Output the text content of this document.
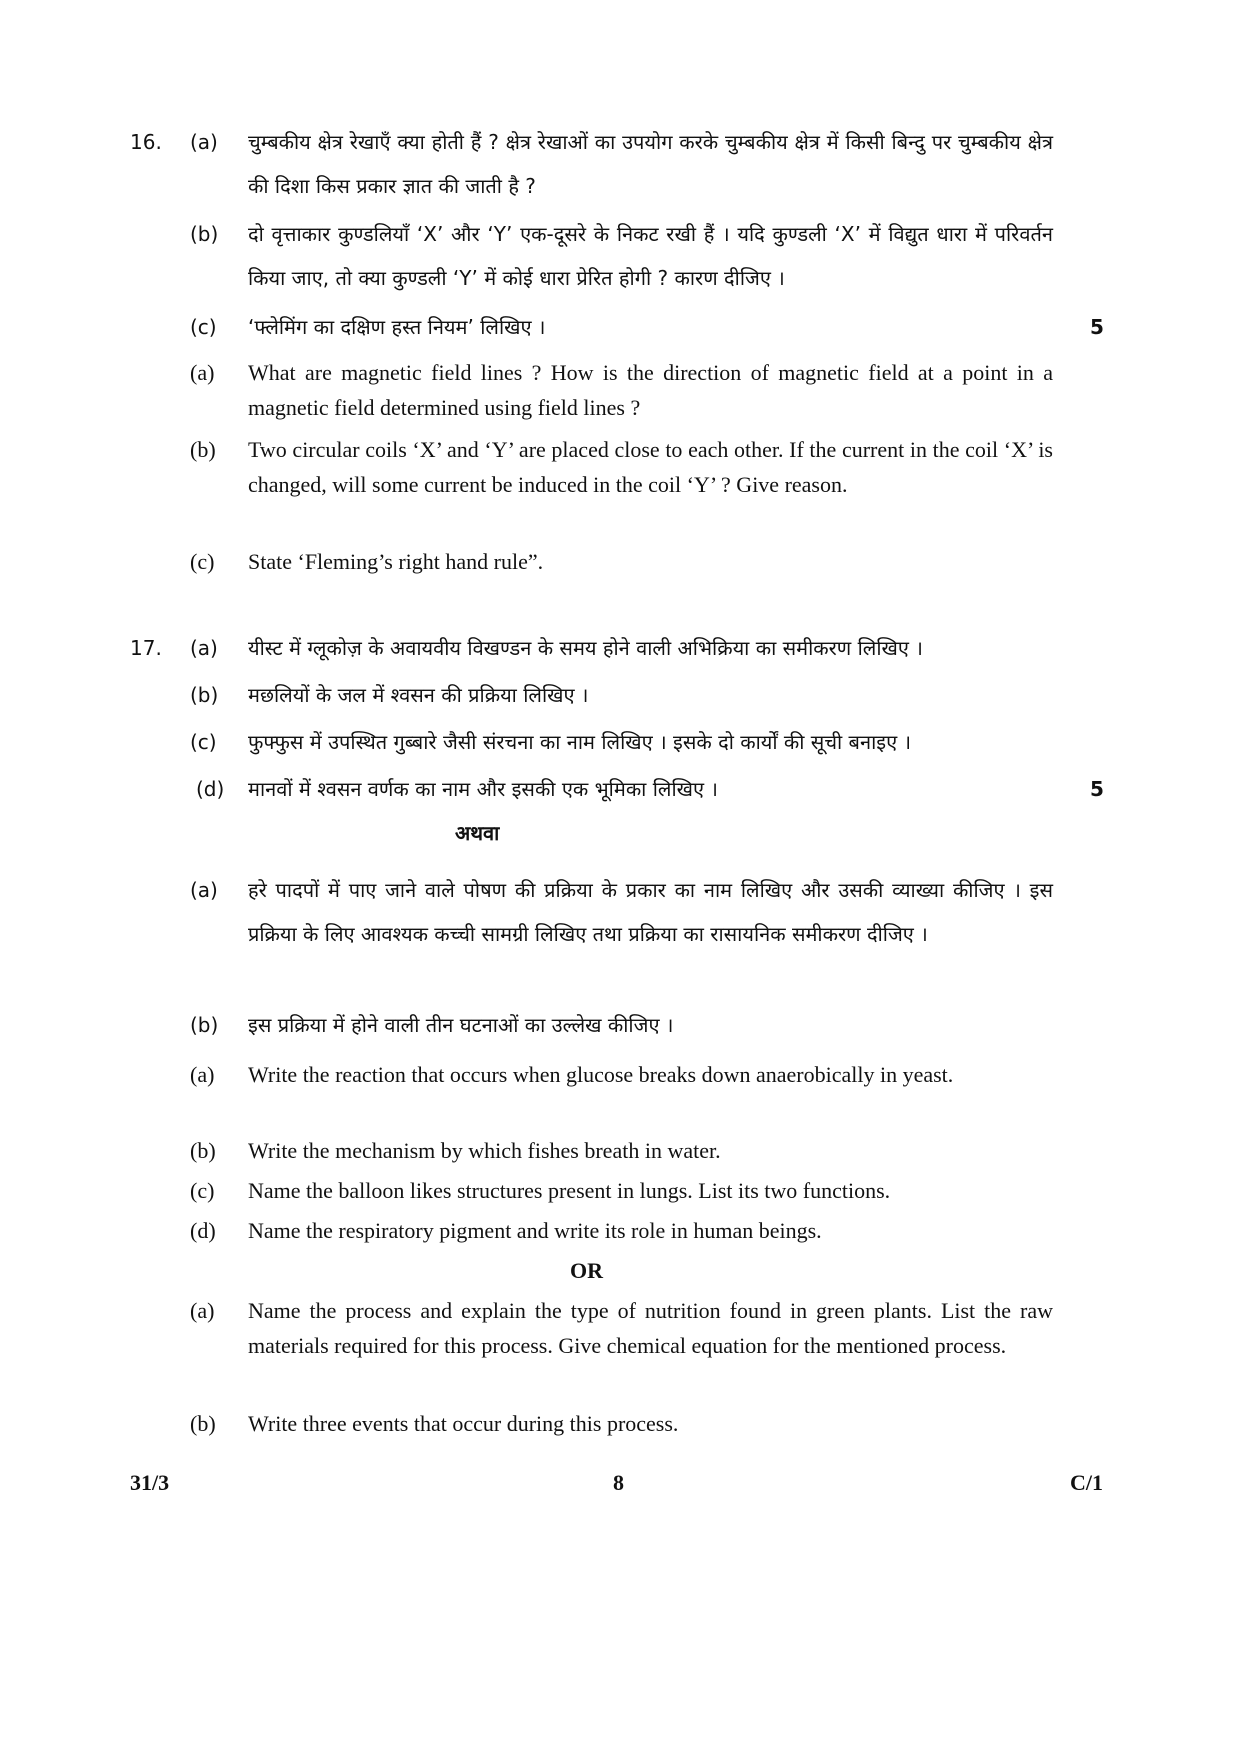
16. (a) चुम्बकीय क्षेत्र रेखाएँ क्या होती हैं ? क्षेत्र रेखाओं का उपयोग करके चुम्बकीय क्षेत्र में किसी बिन्दु पर चुम्बकीय क्षेत्र की दिशा किस प्रकार ज्ञात की जाती है ?
(b) दो वृत्ताकार कुण्डलियाँ ‘X’ और ‘Y’ एक-दूसरे के निकट रखी हैं । यदि कुण्डली ‘X’ में विद्युत धारा में परिवर्तन किया जाए, तो क्या कुण्डली ‘Y’ में कोई धारा प्रेरित होगी ? कारण दीजिए ।
(c) ‘फ्लेमिंग का दक्षिण हस्त नियम’ लिखिए ।	5
(a) What are magnetic field lines ? How is the direction of magnetic field at a point in a magnetic field determined using field lines ?
(b) Two circular coils ‘X’ and ‘Y’ are placed close to each other. If the current in the coil ‘X’ is changed, will some current be induced in the coil ‘Y’ ? Give reason.
(c) State ‘Fleming’s right hand rule”.
17. (a) यीस्ट में ग्लूकोज़ के अवायवीय विखण्डन के समय होने वाली अभिक्रिया का समीकरण लिखिए ।
(b) मछलियों के जल में श्वसन की प्रक्रिया लिखिए ।
(c) फुफ्फुस में उपस्थित गुब्बारे जैसी संरचना का नाम लिखिए । इसके दो कार्यों की सूची बनाइए ।
(d) मानवों में श्वसन वर्णक का नाम और इसकी एक भूमिका लिखिए ।	5
अथवा
(a) हरे पादपों में पाए जाने वाले पोषण की प्रक्रिया के प्रकार का नाम लिखिए और उसकी व्याख्या कीजिए । इस प्रक्रिया के लिए आवश्यक कच्ची सामग्री लिखिए तथा प्रक्रिया का रासायनिक समीकरण दीजिए ।
(b) इस प्रक्रिया में होने वाली तीन घटनाओं का उल्लेख कीजिए ।
(a) Write the reaction that occurs when glucose breaks down anaerobically in yeast.
(b) Write the mechanism by which fishes breath in water.
(c) Name the balloon likes structures present in lungs. List its two functions.
(d) Name the respiratory pigment and write its role in human beings.
OR
(a) Name the process and explain the type of nutrition found in green plants. List the raw materials required for this process. Give chemical equation for the mentioned process.
(b) Write three events that occur during this process.
31/3	8	C/1
